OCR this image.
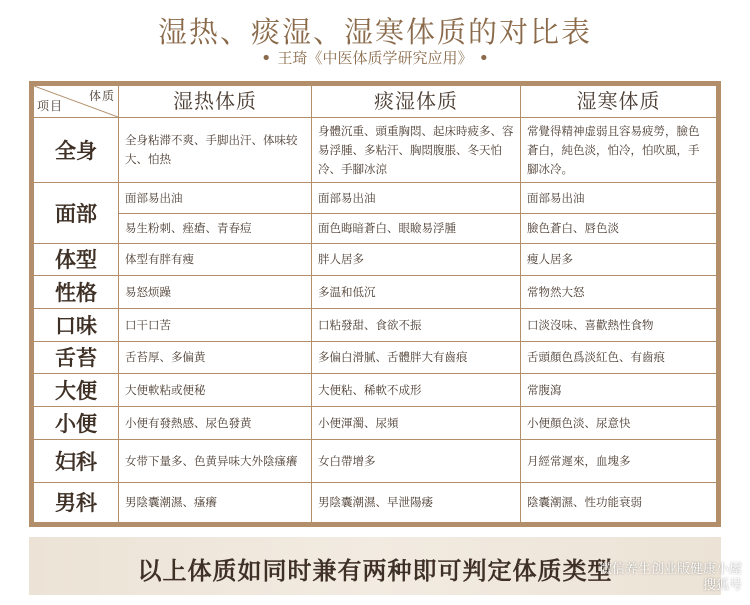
湿热、痰湿、湿寒体质的对比表
• 王琦《中医体质学研究应用》 •
体质
项目	湿热体质	痰湿体质	湿寒体质
全身	全身粘滞不爽、手脚出汗、体味较大、怕热	身體沉重、頭重胸悶、起床時疲多、容易浮腫、多粘汗、胸悶腹脹、冬天怕冷、手腳冰涼	常覺得精神虚弱且容易疲勞，臉色蒼白，純色淡，怕冷，怕吹風，手腳冰冷。
面部	面部易出油	面部易出油	面部易出油
	易生粉刺、痤瘡、青春痘	面色晦暗蒼白、眼瞼易浮腫	臉色蒼白、唇色淡
体型	体型有胖有瘦	胖人居多	瘦人居多
性格	易怒烦躁	多温和低沉	常物然大怒
口味	口干口苦	口粘發甜、食欲不振	口淡沒味、喜歡熱性食物
舌苔	舌苔厚、多偏黄	多偏白滑膩、舌體胖大有齒痕	舌頭顏色爲淡紅色、有齒痕
大便	大便軟粘或便秘	大便粘、稀軟不成形	常腹瀉
小便	小便有發熱感、尿色發黄	小便渾濁、尿頻	小便顏色淡、尿意快
妇科	女带下量多、色黄异味大外陰瘙癢	女白帶增多	月經常遲來，血塊多
男科	男陰囊潮濕、瘙癢	男陰囊潮濕、早泄陽痿	陰囊潮濕、性功能衰弱
以上体质如同时兼有两种即可判定体质类型
微信养生创业版健康小屋
搜狐号
